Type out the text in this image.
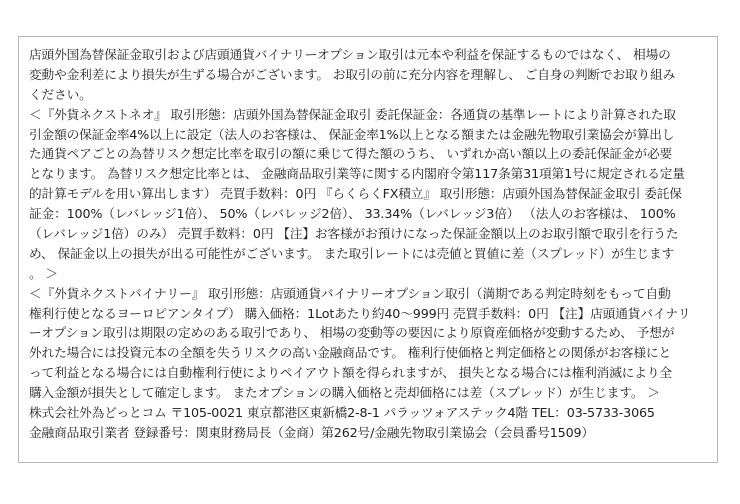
店頭外国為替保証金取引および店頭通貨バイナリーオプション取引は元本や利益を保証するものではなく、 相場の
変動や金利差により損失が生ずる場合がございます。 お取引の前に充分内容を理解し、 ご自身の判断でお取り組み
ください。
＜『外貨ネクストネオ』 取引形態：店頭外国為替保証金取引 委託保証金：各通貨の基準レートにより計算された取
引金額の保証金率4%以上に設定（法人のお客様は、 保証金率1%以上となる額または金融先物取引業協会が算出し
た通貨ペアごとの為替リスク想定比率を取引の額に乗じて得た額のうち、 いずれか高い額以上の委託保証金が必要
となります。 為替リスク想定比率とは、 金融商品取引業等に関する内閣府令第117条第31項第1号に規定される定量
的計算モデルを用い算出します） 売買手数料：0円 『らくらくFX積立』 取引形態：店頭外国為替保証金取引 委託保
証金：100%（レバレッジ1倍）、 50%（レバレッジ2倍）、 33.34%（レバレッジ3倍） （法人のお客様は、 100%
（レバレッジ1倍）のみ） 売買手数料：0円 【注】お客様がお預けになった保証金額以上のお取引額で取引を行うた
め、 保証金以上の損失が出る可能性がございます。 また取引レートには売値と買値に差（スプレッド）が生じます
。 ＞
＜『外貨ネクストバイナリー』 取引形態：店頭通貨バイナリーオプション取引（満期である判定時刻をもって自動
権利行使となるヨーロピアンタイプ） 購入価格：1Lotあたり約40～999円 売買手数料：0円 【注】店頭通貨バイナリ
ーオプション取引は期限の定めのある取引であり、 相場の変動等の要因により原資産価格が変動するため、 予想が
外れた場合には投資元本の全額を失うリスクの高い金融商品です。 権利行使価格と判定価格との関係がお客様にと
って利益となる場合には自動権利行使によりペイアウト額を得られますが、 損失となる場合には権利消滅により全
購入金額が損失として確定します。 またオプションの購入価格と売却価格には差（スプレッド）が生じます。 ＞
株式会社外為どっとコム 〒105-0021 東京都港区東新橋2-8-1 パラッツォアステック4階 TEL：03-5733-3065
金融商品取引業者 登録番号：関東財務局長（金商）第262号/金融先物取引業協会（会員番号1509）
